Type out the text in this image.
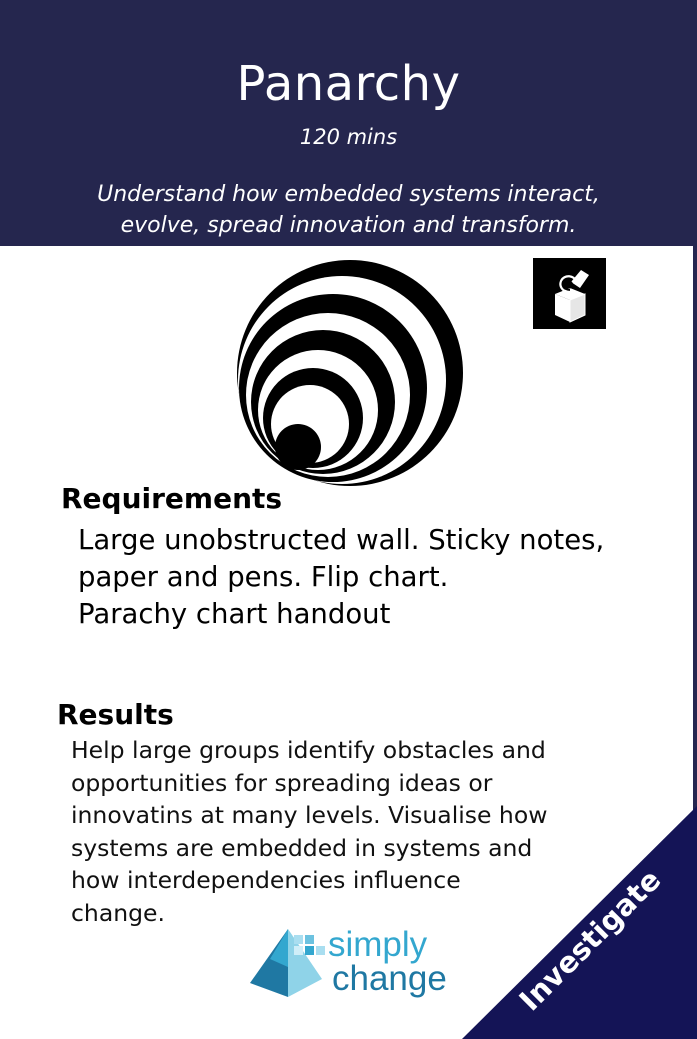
Panarchy
120 mins
Understand how embedded systems interact,
evolve, spread innovation and transform.
Requirements
Large unobstructed wall. Sticky notes,
paper and pens. Flip chart.
Parachy chart handout
Results
Help large groups identify obstacles and
opportunities for spreading ideas or
innovatins at many levels. Visualise how
systems are embedded in systems and
how interdependencies influence
change.
simply
change Investigate
